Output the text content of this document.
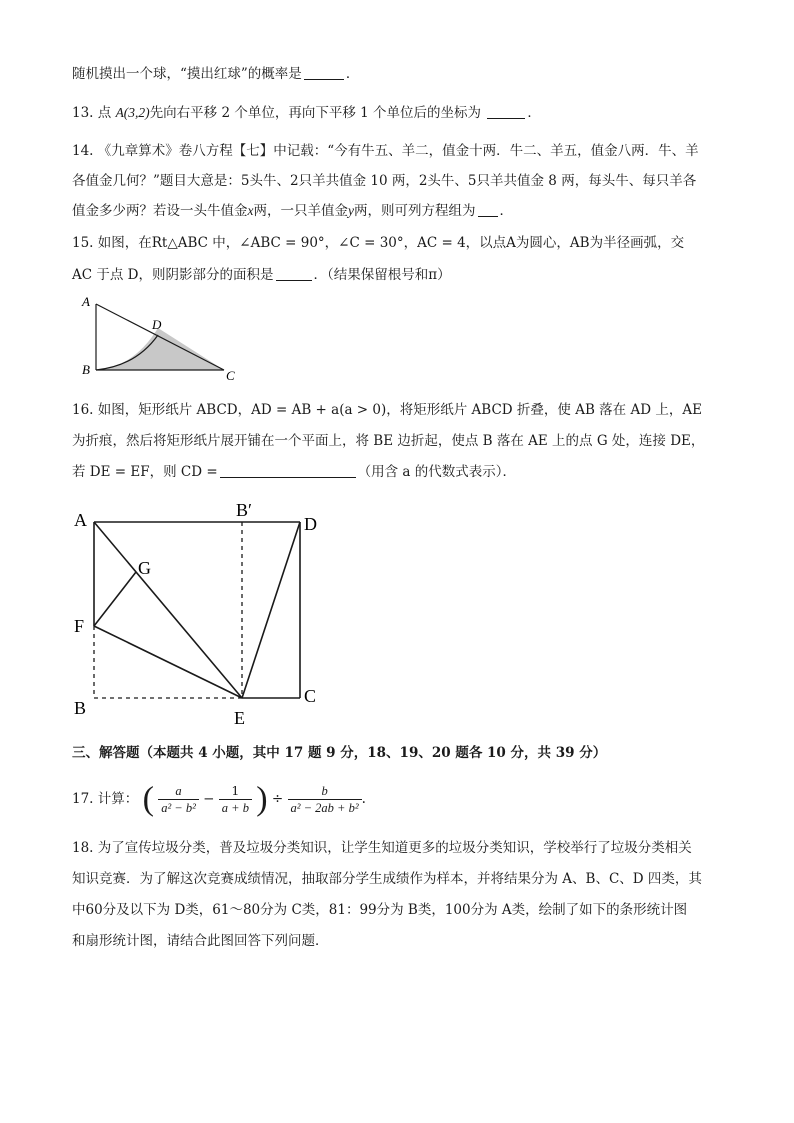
随机摸出一个球，“摸出红球”的概率是	．
13. 点 A(3,2)先向右平移 2 个单位，再向下平移 1 个单位后的坐标为	．
14. 《九章算术》卷八方程【七】中记载：“今有牛五、羊二，值金十两．牛二、羊五，值金八两．牛、羊
各值金几何？”题目大意是：5头牛、2只羊共值金 10 两，2头牛、5只羊共值金 8 两，每头牛、每只羊各
值金多少两？若设一头牛值金x两，一只羊值金y两，则可列方程组为 ．
15. 如图，在Rt△ABC 中，∠ABC = 90°，∠C = 30°，AC = 4，以点A为圆心，AB为半径画弧，交
AC 于点 D，则阴影部分的面积是	．（结果保留根号和π）
A
B	C
D
16. 如图，矩形纸片 ABCD，AD = AB + a(a > 0)，将矩形纸片 ABCD 折叠，使 AB 落在 AD 上，AE
为折痕，然后将矩形纸片展开铺在一个平面上，将 BE 边折起，使点 B 落在 AE 上的点 G 处，连接 DE，
若 DE = EF，则 CD =	（用含 a 的代数式表示）．
A	B′
D
G
F
B	E
C
三、解答题（本题共 4 小题，其中 17 题 9 分，18、19、20 题各 10 分，共 39 分）
17. 计算： ( $\frac{a}{\text{a² − b²}} - \frac{1}{a + b}$ ) ÷ $\frac{b}{\text{a² − 2ab + b²}}$ .
18. 为了宣传垃圾分类，普及垃圾分类知识，让学生知道更多的垃圾分类知识，学校举行了垃圾分类相关
知识竞赛．为了解这次竞赛成绩情况，抽取部分学生成绩作为样本，并将结果分为 A、B、C、D 四类，其
中60分及以下为 D类，61～80分为 C类，81：99分为 B类，100分为 A类，绘制了如下的条形统计图
和扇形统计图，请结合此图回答下列问题．
